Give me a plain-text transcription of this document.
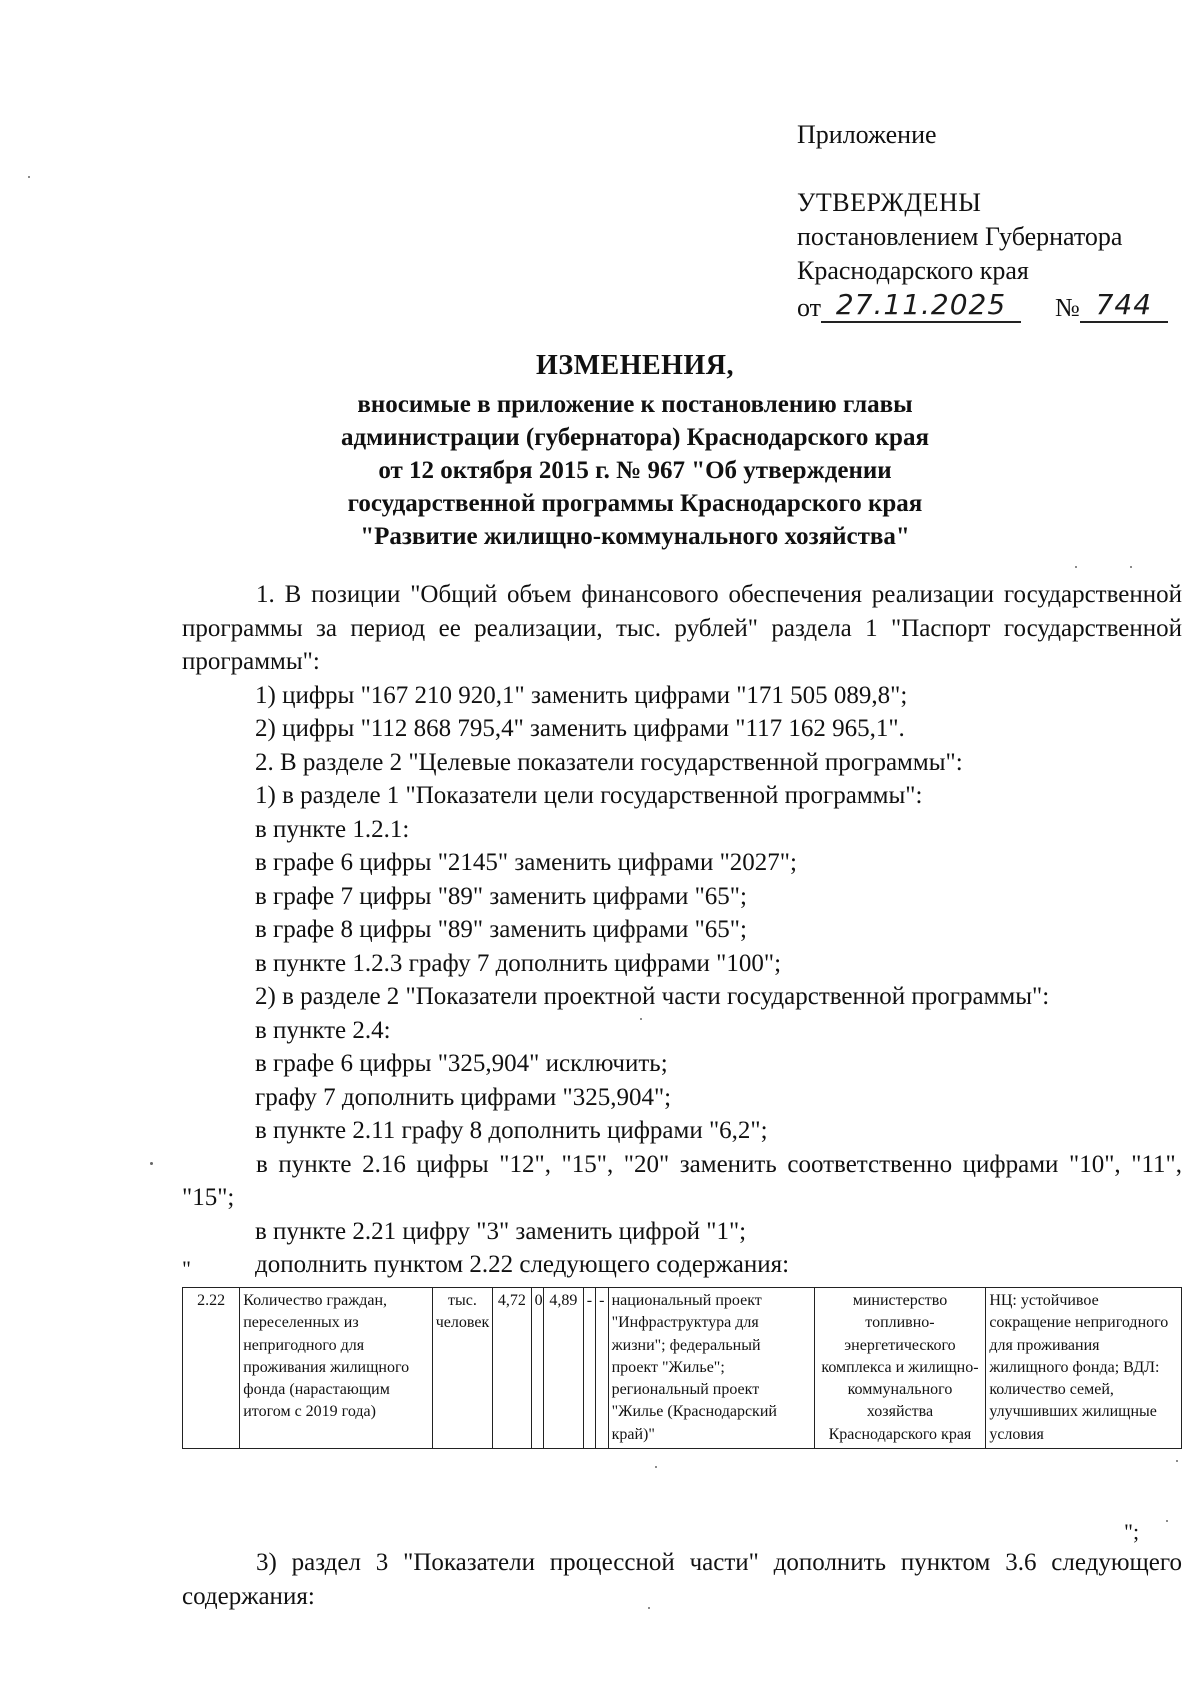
Приложение
УТВЕРЖДЕНЫ
постановлением Губернатора
Краснодарского края
от 27.11.2025	№ 744
ИЗМЕНЕНИЯ,
вносимые в приложение к постановлению главы
администрации (губернатора) Краснодарского края
от 12 октября 2015 г. № 967 "Об утверждении
государственной программы Краснодарского края
"Развитие жилищно-коммунального хозяйства"

1. В позиции "Общий объем финансового обеспечения реализации государственной программы за период ее реализации, тыс. рублей" раздела 1 "Паспорт государственной программы":

1) цифры "167 210 920,1" заменить цифрами "171 505 089,8";

2) цифры "112 868 795,4" заменить цифрами "117 162 965,1".

2. В разделе 2 "Целевые показатели государственной программы":

1) в разделе 1 "Показатели цели государственной программы":

в пункте 1.2.1:

в графе 6 цифры "2145" заменить цифрами "2027";

в графе 7 цифры "89" заменить цифрами "65";

в графе 8 цифры "89" заменить цифрами "65";

в пункте 1.2.3 графу 7 дополнить цифрами "100";

2) в разделе 2 "Показатели проектной части государственной программы":

в пункте 2.4:

в графе 6 цифры "325,904" исключить;

графу 7 дополнить цифрами "325,904";

в пункте 2.11 графу 8 дополнить цифрами "6,2";

в пункте 2.16 цифры "12", "15", "20" заменить соответственно цифрами "10", "11", "15";

в пункте 2.21 цифру "3" заменить цифрой "1";

дополнить пунктом 2.22 следующего содержания:

"
2.22	Количество граждан, переселенных из непригодного для проживания жилищного фонда (нарастающим итогом с 2019 года)	тыс. человек	4,72	0	4,89	-	-	национальный проект "Инфраструктура для жизни"; федеральный проект "Жилье"; региональный проект "Жилье (Краснодарский край)"	министерство топливно-энергетического комплекса и жилищно-коммунального хозяйства Краснодарского края	НЦ: устойчивое сокращение непригодного для проживания жилищного фонда; ВДЛ: количество семей, улучшивших жилищные условия
";

3) раздел 3 "Показатели процессной части" дополнить пунктом 3.6 следующего содержания:
